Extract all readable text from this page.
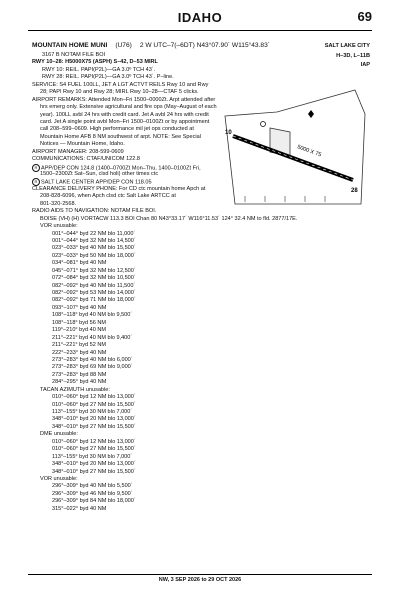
IDAHO	69
MOUNTAIN HOME MUNI (U76) 2 W UTC–7(–6DT) N43°07.90´ W115°43.83´	SALT LAKE CITY
H–3D, L–11B
IAP
3167 B NOTAM FILE BOI
RWY 10–28: H5000X75 (ASPH) S–42, D–53 MIRL
RWY 10: REIL. PAPI(P2L)—GA 3.0º TCH 43´.
RWY 28: REIL. PAPI(P2L)—GA 3.0º TCH 43´. P–line.
SERVICE: S4 FUEL 100LL, JET A LGT ACTVT REILS Rwy 10 and Rwy
28; PAPI Rwy 10 and Rwy 28; MIRL Rwy 10–28—CTAF 5 clicks.
AIRPORT REMARKS: Attended Mon–Fri 1500–0000Zt. Arpt attended after
hrs emerg only. Extensive agricultural and fire ops (May–August of each
year). 100LL avbl 24 hrs with credit card. Jet A avbl 24 hrs with credit
card. Jet A single point avbl Mon–Fri 1500–0100Zt or by appointment
call 208–599–0609. High performance mil jet ops conducted at
Mountain Home AFB 8 NM southwest of arpt. NOTE: See Special
Notices — Mountain Home, Idaho.
AIRPORT MANAGER: 208-599-0609
COMMUNICATIONS: CTAF/UNICOM 122.8
R APP/DEP CON 124.8 (1400–0700Zt Mon–Thu, 1400–0100Zt Fri,
1500–2300Zt Sat–Sun, clsd holi) other times ctc
R SALT LAKE CENTER APP/DEP CON 118.05
CLEARANCE DELIVERY PHONE: For CD ctc mountain home Apch at
208-828-6096, when Apch clsd ctc Salt Lake ARTCC at
801-320-2568.
RADIO AIDS TO NAVIGATION: NOTAM FILE BOI.
BOISE (VH) (H) VORTACW 113.3 BOI Chan 80 N43°33.17´ W116°11.53´ 124° 32.4 NM to fld. 2877/17E.
VOR unusable:
001°–044° byd 22 NM blo 11,000´
001°–044° byd 32 NM blo 14,500´
023°–033° byd 40 NM blo 15,500´
023°–033° byd 50 NM blo 18,000´
034°–081° byd 40 NM
045°–071° byd 32 NM blo 12,500´
072°–084° byd 32 NM blo 10,500´
082°–092° byd 40 NM blo 11,500´
082°–092° byd 53 NM blo 14,000´
082°–092° byd 71 NM blo 18,000´
093°–107° byd 40 NM
108°–118° byd 40 NM blo 9,500´
108°–118° byd 56 NM
119°–210° byd 40 NM
211°–221° byd 40 NM blo 9,400´
211°–221° byd 52 NM
222°–233° byd 40 NM
273°–283° byd 40 NM blo 6,000´
273°–283° byd 69 NM blo 9,000´
273°–283° byd 88 NM
284°–295° byd 40 NM
TACAN AZIMUTH unusable:
010°–060° byd 12 NM blo 13,000´
010°–060° byd 27 NM blo 15,500´
113°–155° byd 30 NM blo 7,000´
348°–010° byd 20 NM blo 13,000´
348°–010° byd 27 NM blo 15,500´
DME unusable:
010°–060° byd 12 NM blo 13,000´
010°–060° byd 27 NM blo 15,500´
113°–155° byd 30 NM blo 7,000´
348°–010° byd 20 NM blo 13,000´
348°–010° byd 27 NM blo 15,500´
VOR unusable:
296°–309° byd 40 NM blo 5,500´
296°–309° byd 46 NM blo 9,500´
296°–309° byd 84 NM blo 18,000´
315°–022° byd 40 NM
5000 X 75
10
28
NW, 3 SEP 2026 to 29 OCT 2026
